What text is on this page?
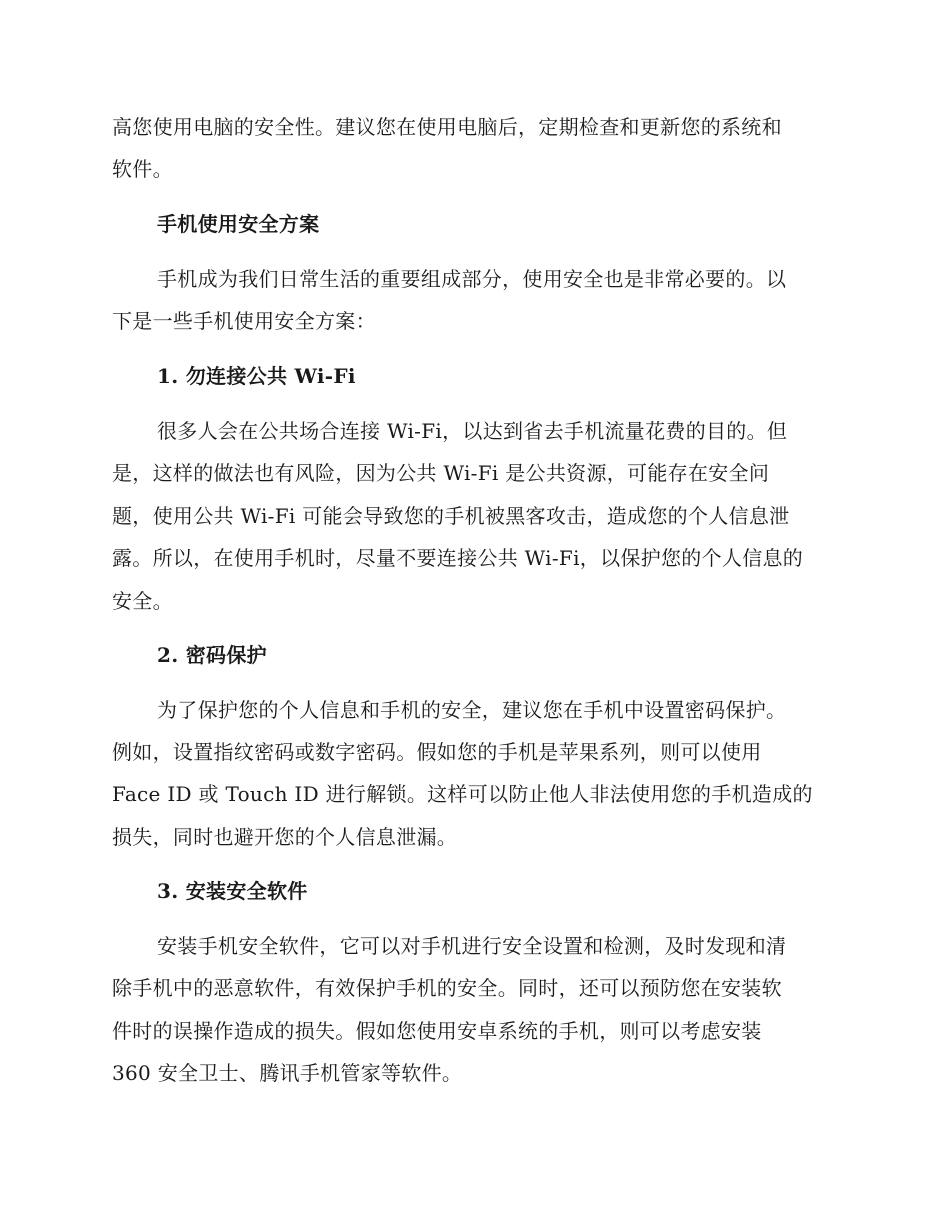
高您使用电脑的安全性。建议您在使用电脑后，定期检查和更新您的系统和
软件。
手机使用安全方案
手机成为我们日常生活的重要组成部分，使用安全也是非常必要的。以
下是一些手机使用安全方案：
1. 勿连接公共 Wi-Fi
很多人会在公共场合连接 Wi-Fi，以达到省去手机流量花费的目的。但
是，这样的做法也有风险，因为公共 Wi-Fi 是公共资源，可能存在安全问
题，使用公共 Wi-Fi 可能会导致您的手机被黑客攻击，造成您的个人信息泄
露。所以，在使用手机时，尽量不要连接公共 Wi-Fi，以保护您的个人信息的
安全。
2. 密码保护
为了保护您的个人信息和手机的安全，建议您在手机中设置密码保护。
例如，设置指纹密码或数字密码。假如您的手机是苹果系列，则可以使用
Face ID 或 Touch ID 进行解锁。这样可以防止他人非法使用您的手机造成的
损失，同时也避开您的个人信息泄漏。
3. 安装安全软件
安装手机安全软件，它可以对手机进行安全设置和检测，及时发现和清
除手机中的恶意软件，有效保护手机的安全。同时，还可以预防您在安装软
件时的误操作造成的损失。假如您使用安卓系统的手机，则可以考虑安装
360 安全卫士、腾讯手机管家等软件。
